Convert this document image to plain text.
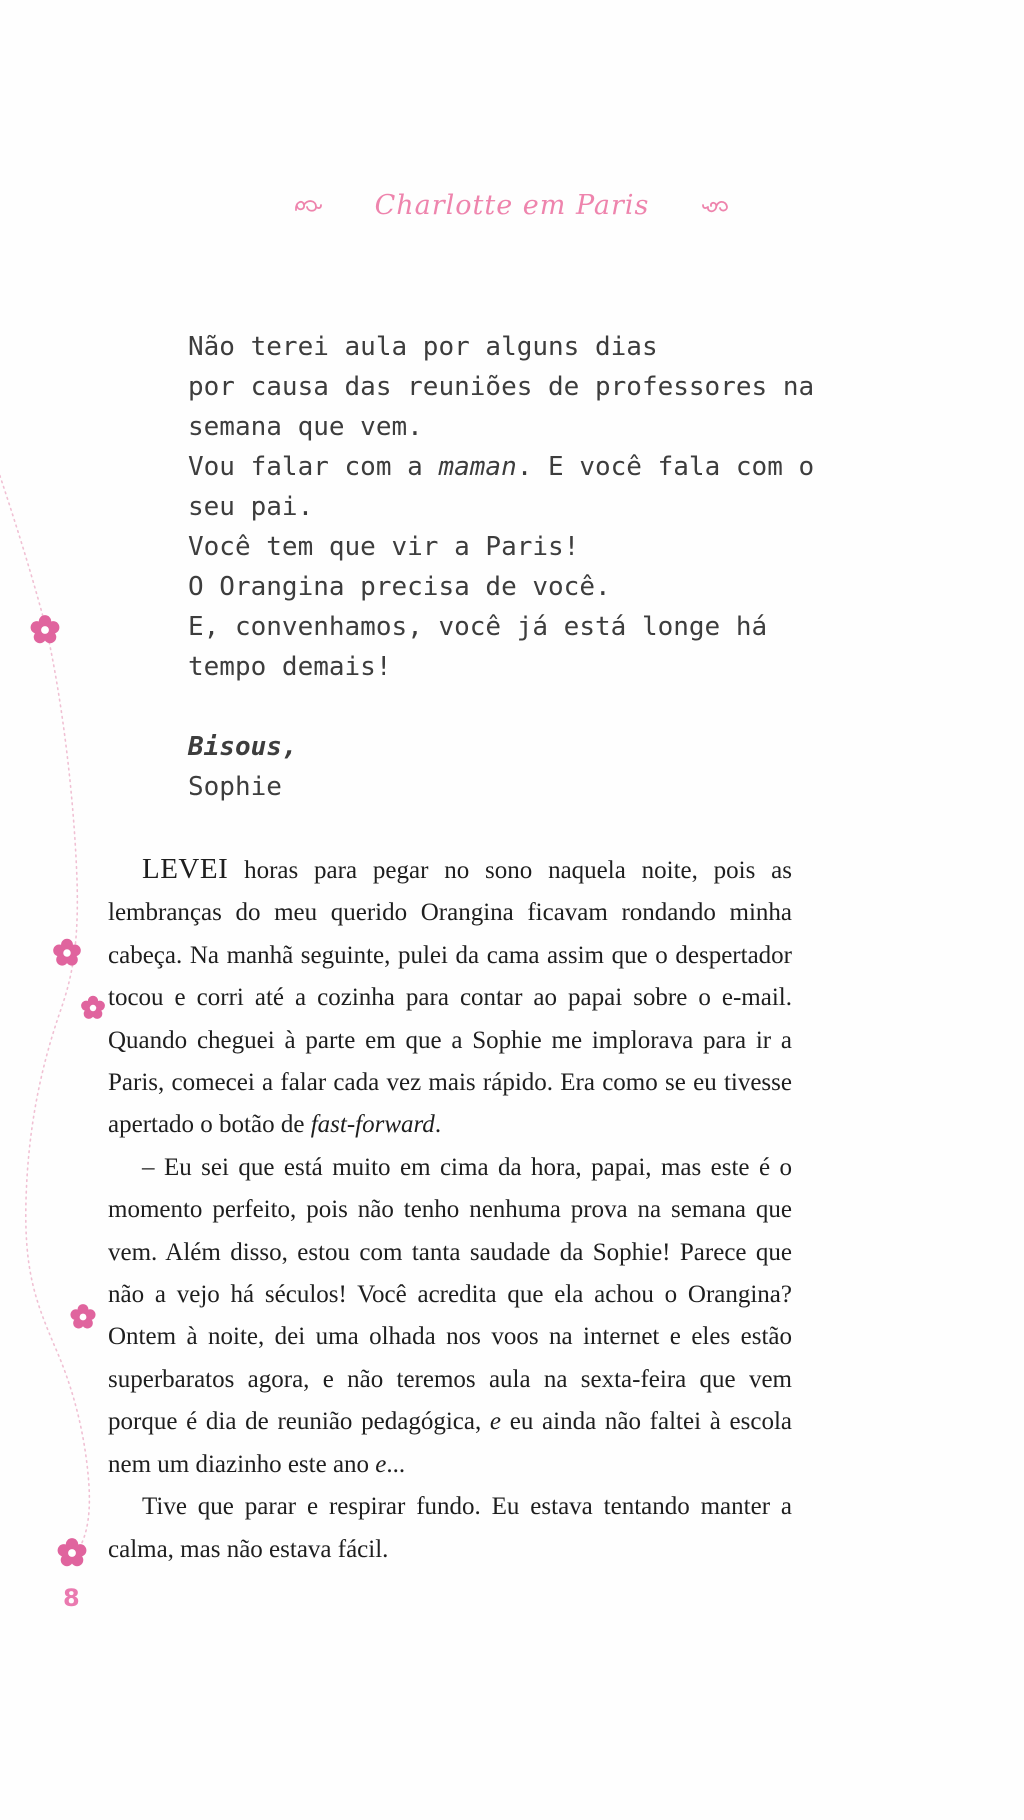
Charlotte em Paris
Não terei aula por alguns dias
por causa das reuniões de professores na
semana que vem.
Vou falar com a maman. E você fala com o
seu pai.
Você tem que vir a Paris!
O Orangina precisa de você.
E, convenhamos, você já está longe há
tempo demais!
Bisous,
Sophie

LEVEI horas para pegar no sono naquela noite, pois as lembranças do meu querido Orangina ficavam rondando minha cabeça. Na manhã seguinte, pulei da cama assim que o despertador tocou e corri até a cozinha para contar ao papai sobre o e-mail. Quando cheguei à parte em que a Sophie me implorava para ir a Paris, comecei a falar cada vez mais rápido. Era como se eu tivesse apertado o botão de fast-forward.

– Eu sei que está muito em cima da hora, papai, mas este é o momento perfeito, pois não tenho nenhuma prova na semana que vem. Além disso, estou com tanta saudade da Sophie! Parece que não a vejo há séculos! Você acredita que ela achou o Orangina? Ontem à noite, dei uma olhada nos voos na internet e eles estão superbaratos agora, e não teremos aula na sexta-feira que vem porque é dia de reunião pedagógica, e eu ainda não faltei à escola nem um diazinho este ano e...

Tive que parar e respirar fundo. Eu estava tentando manter a calma, mas não estava fácil.

8
